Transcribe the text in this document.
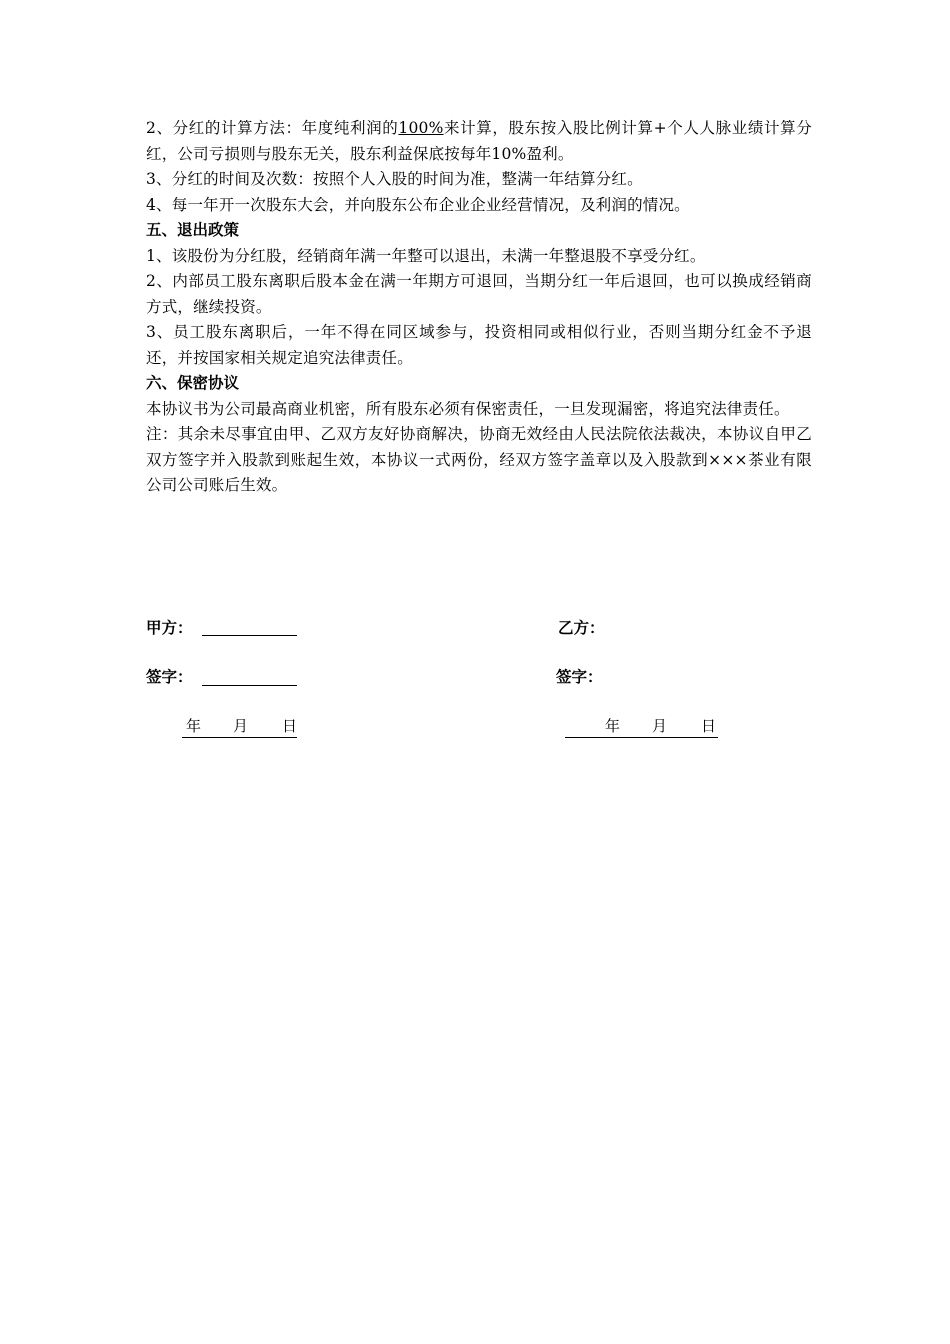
2、分红的计算方法：年度纯利润的100%来计算，股东按入股比例计算+个人人脉业绩计算分红，公司亏损则与股东无关，股东利益保底按每年10%盈利。

3、分红的时间及次数：按照个人入股的时间为准，整满一年结算分红。

4、每一年开一次股东大会，并向股东公布企业企业经营情况，及利润的情况。

五、退出政策

1、该股份为分红股，经销商年满一年整可以退出，未满一年整退股不享受分红。

2、内部员工股东离职后股本金在满一年期方可退回，当期分红一年后退回，也可以换成经销商方式，继续投资。

3、员工股东离职后，一年不得在同区域参与，投资相同或相似行业，否则当期分红金不予退还，并按国家相关规定追究法律责任。

六、保密协议

本协议书为公司最高商业机密，所有股东必须有保密责任，一旦发现漏密，将追究法律责任。

注：其余未尽事宜由甲、乙双方友好协商解决，协商无效经由人民法院依法裁决，本协议自甲乙双方签字并入股款到账起生效，本协议一式两份，经双方签字盖章以及入股款到×××茶业有限公司公司账后生效。

甲方：	乙方：
签字：	签字：
年 月 日	年 月 日
